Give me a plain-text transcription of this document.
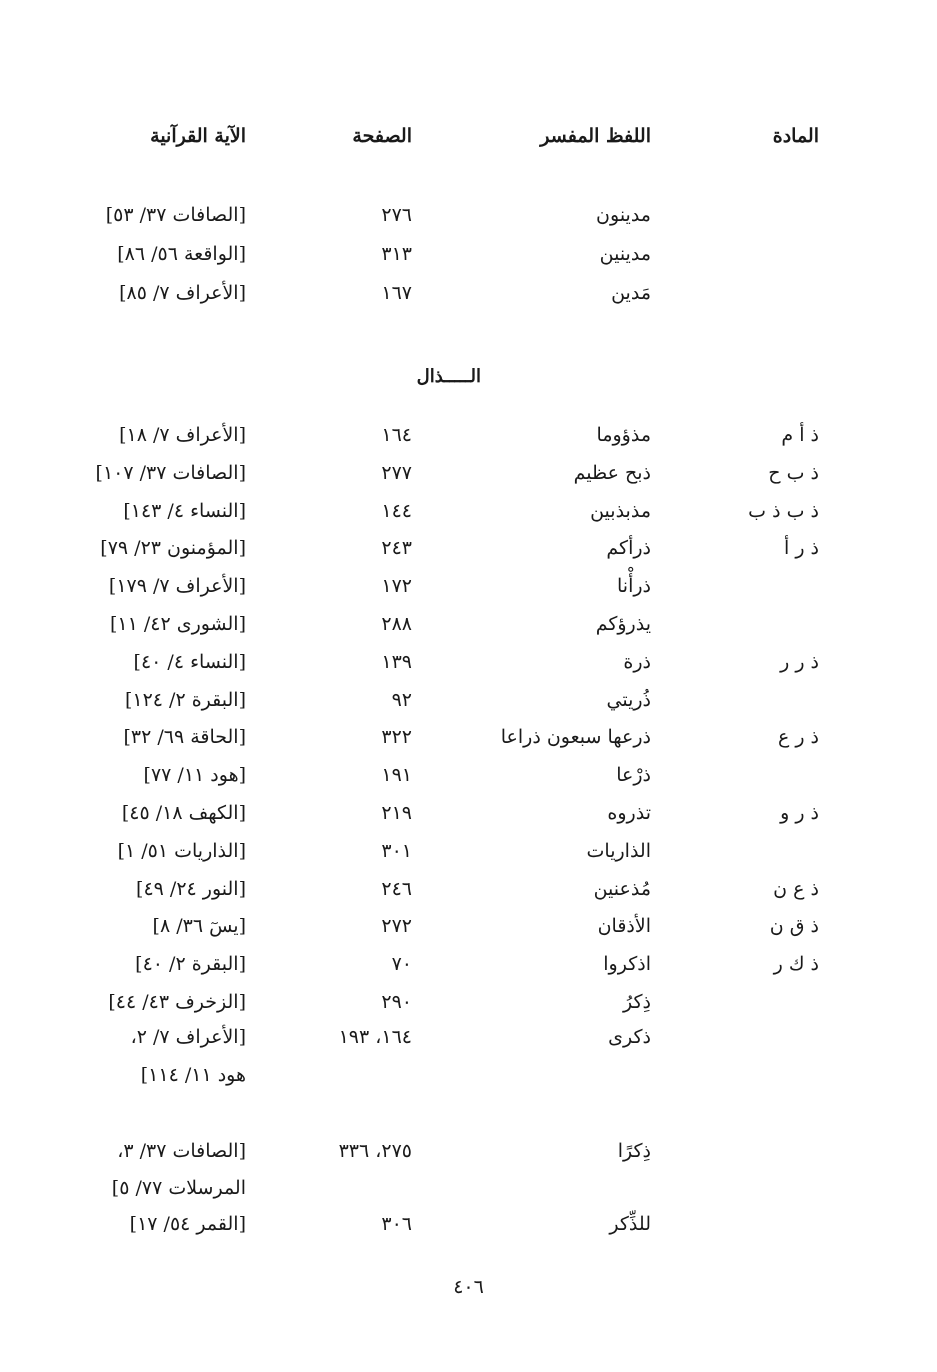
المادة
اللفظ المفسر
الصفحة
الآية القرآنية
مدينون
٢٧٦
[الصافات ٣٧/ ٥٣]
مدينين
٣١٣
[الواقعة ٥٦/ ٨٦]
مَدين
١٦٧
[الأعراف ٧/ ٨٥]
الـــــذال
ذ أ م
مذؤوما
١٦٤
[الأعراف ٧/ ١٨]
ذ ب ح
ذبح عظيم
٢٧٧
[الصافات ٣٧/ ١٠٧]
ذ ب ذ ب
مذبذبين
١٤٤
[النساء ٤/ ١٤٣]
ذ ر أ
ذرأكم
٢٤٣
[المؤمنون ٢٣/ ٧٩]
ذرأْنا
١٧٢
[الأعراف ٧/ ١٧٩]
يذرؤكم
٢٨٨
[الشورى ٤٢/ ١١]
ذ ر ر
ذرة
١٣٩
[النساء ٤/ ٤٠]
ذُريتي
٩٢
[البقرة ٢/ ١٢٤]
ذ ر ع
ذرعها سبعون ذراعا
٣٢٢
[الحاقة ٦٩/ ٣٢]
ذرْعا
١٩١
[هود ١١/ ٧٧]
ذ ر و
تذروه
٢١٩
[الكهف ١٨/ ٤٥]
الذاريات
٣٠١
[الذاريات ٥١/ ١]
ذ ع ن
مُذعنين
٢٤٦
[النور ٢٤/ ٤٩]
ذ ق ن
الأذقان
٢٧٢
[يسٓ ٣٦/ ٨]
ذ ك ر
اذكروا
٧٠
[البقرة ٢/ ٤٠]
ذِكرُ
٢٩٠
[الزخرف ٤٣/ ٤٤]
ذكرى
١٦٤، ١٩٣
[الأعراف ٧/ ٢،
هود ١١/ ١١٤]
ذِكرًا
٢٧٥، ٣٣٦
[الصافات ٣٧/ ٣،
المرسلات ٧٧/ ٥]
للذِّكر
٣٠٦
[القمر ٥٤/ ١٧]
٤٠٦
